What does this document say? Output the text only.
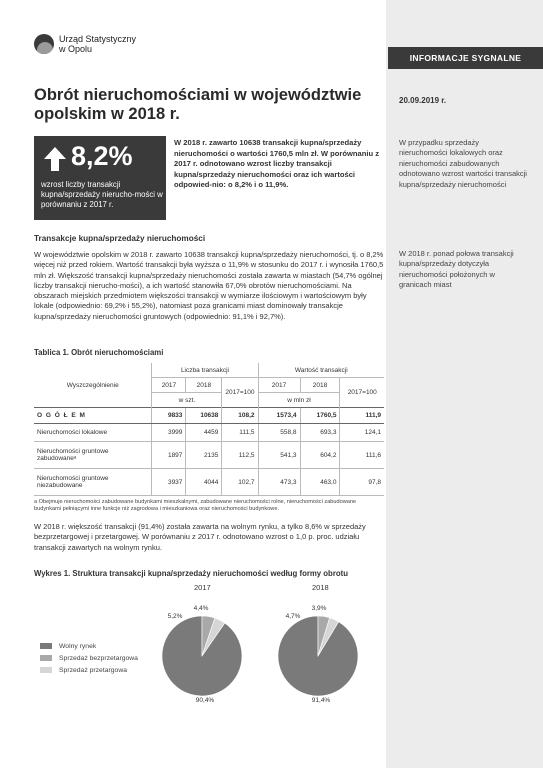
Urząd Statystyczny
w Opolu
INFORMACJE SYGNALNE
20.09.2019 r.
Obrót nieruchomościami w województwie opolskim w 2018 r.
8,2%
wzrost liczby transakcji kupna/sprzedaży nierucho-mości w porównaniu z 2017 r.

W 2018 r. zawarto 10638 transakcji kupna/sprzedaży nieruchomości o wartości 1760,5 mln zł. W porównaniu z 2017 r. odnotowano wzrost liczby transakcji kupna/sprzedaży nieruchomości oraz ich wartości odpowied-nio: o 8,2% i o 11,9%.

W przypadku sprzedaży nieruchomości lokalowych oraz nieruchomości zabudowanych odnotowano wzrost wartości transakcji kupna/sprzedaży nieruchomości

W 2018 r. ponad połowa transakcji kupna/sprzedaży dotyczyła nieruchomości położonych w granicach miast

Transakcje kupna/sprzedaży nieruchomości

W województwie opolskim w 2018 r. zawarto 10638 transakcji kupna/sprzedaży nieruchomości, tj. o 8,2% więcej niż przed rokiem. Wartość transakcji była wyższa o 11,9% w stosunku do 2017 r. i wynosiła 1760,5 mln zł. Większość transakcji kupna/sprzedaży nieruchomości została zawarta w miastach (54,7% ogólnej liczby transakcji nierucho-mości), a ich wartość stanowiła 67,0% obrotów nieruchomościami. Na obszarach miejskich przedmiotem większości transakcji w wymiarze ilościowym i wartościowym były lokale (odpowiednio: 69,2% i 55,2%), natomiast poza granicami miast dominowały transakcje kupna/sprzedaży nieruchomości gruntowych (odpowiednio: 91,1% i 92,7%).

Tablica 1. Obrót nieruchomościami

Wyszczególnienie	Liczba transakcji			Wartość transakcji		
	2017	2018	2017=100	2017	2018	2017=100
	w szt.			w mln zł		
O G Ó Ł E M	9833	10638	108,2	1573,4	1760,5	111,9
Nieruchomości lokalowe	3999	4459	111,5	558,8	693,3	124,1
Nieruchomości gruntowe zabudowaneᵃ	1897	2135	112,5	541,3	604,2	111,6
Nieruchomości gruntowe niezabudowane	3937	4044	102,7	473,3	463,0	97,8

a Obejmuje nieruchomości zabudowane budynkami mieszkalnymi, zabudowane nieruchomości rolne, nieruchomości zabudowane budynkami pełniącymi inne funkcje niż zagrodowa i mieszkaniowa oraz nieruchomości budynkowe.

W 2018 r. większość transakcji (91,4%) została zawarta na wolnym rynku, a tylko 8,6% w sprzedaży bezprzetargowej i przetargowej. W porównaniu z 2017 r. odnotowano wzrost o 1,0 p. proc. udziału transakcji zawartych na wolnym rynku.

Wykres 1. Struktura transakcji kupna/sprzedaży nieruchomości według formy obrotu

2017	2018
90,4%
5,2%
4,4%
91,4%
4,7%
3,9%
Wolny rynek
Sprzedaż bezprzetargowa
Sprzedaż przetargowa
